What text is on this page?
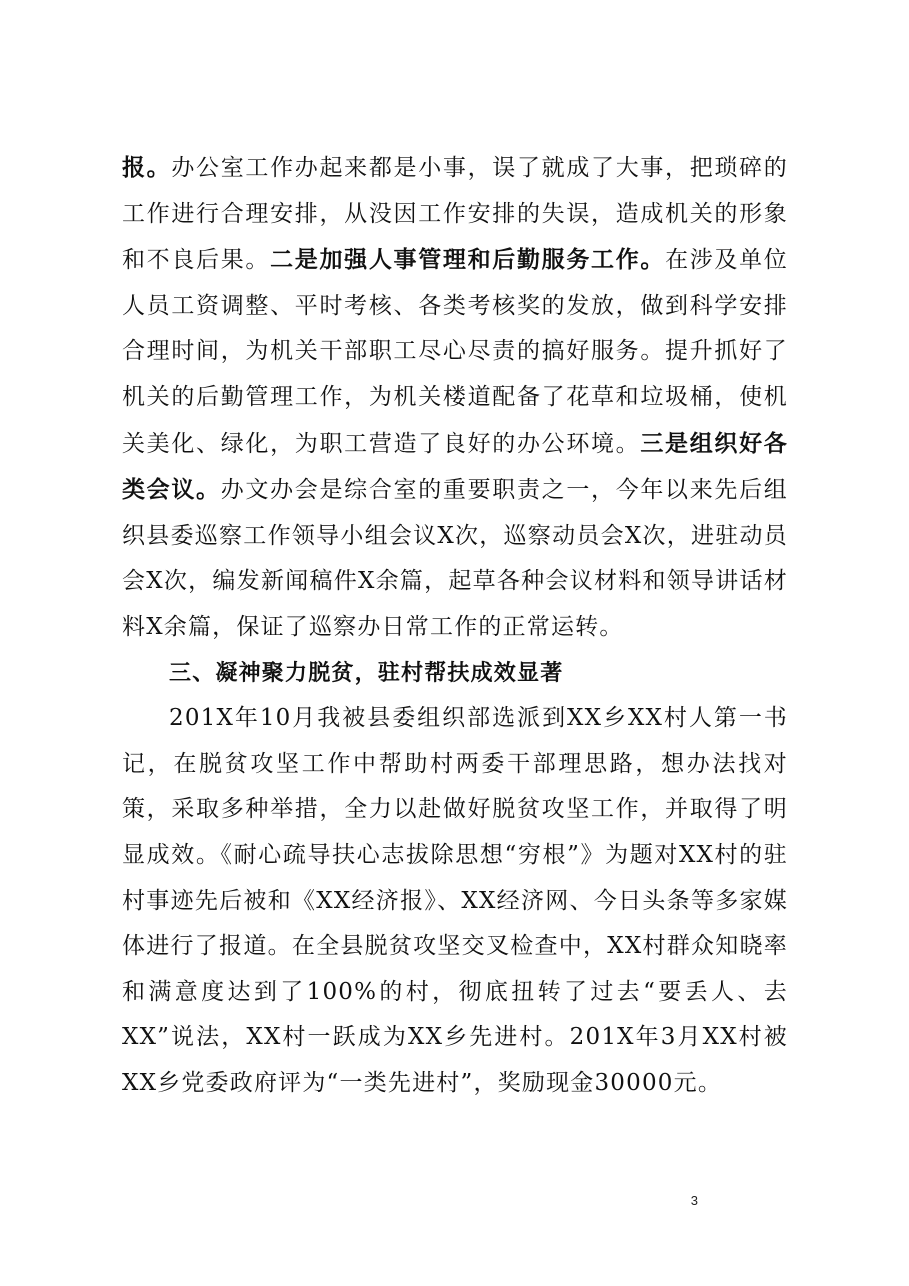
报。办公室工作办起来都是小事，误了就成了大事，把琐碎的工作进行合理安排，从没因工作安排的失误，造成机关的形象和不良后果。二是加强人事管理和后勤服务工作。在涉及单位人员工资调整、平时考核、各类考核奖的发放，做到科学安排合理时间，为机关干部职工尽心尽责的搞好服务。提升抓好了机关的后勤管理工作，为机关楼道配备了花草和垃圾桶，使机关美化、绿化，为职工营造了良好的办公环境。三是组织好各类会议。办文办会是综合室的重要职责之一，今年以来先后组织县委巡察工作领导小组会议X次，巡察动员会X次，进驻动员会X次，编发新闻稿件X余篇，起草各种会议材料和领导讲话材料X余篇，保证了巡察办日常工作的正常运转。

三、凝神聚力脱贫，驻村帮扶成效显著

201X年10月我被县委组织部选派到XX乡XX村人第一书记，在脱贫攻坚工作中帮助村两委干部理思路，想办法找对策，采取多种举措，全力以赴做好脱贫攻坚工作，并取得了明显成效。《耐心疏导扶心志拔除思想“穷根”》为题对XX村的驻村事迹先后被和《XX经济报》、XX经济网、今日头条等多家媒体进行了报道。在全县脱贫攻坚交叉检查中，XX村群众知晓率和满意度达到了100%的村，彻底扭转了过去“要丢人、去XX”说法，XX村一跃成为XX乡先进村。201X年3月XX村被XX乡党委政府评为“一类先进村”，奖励现金30000元。

3
